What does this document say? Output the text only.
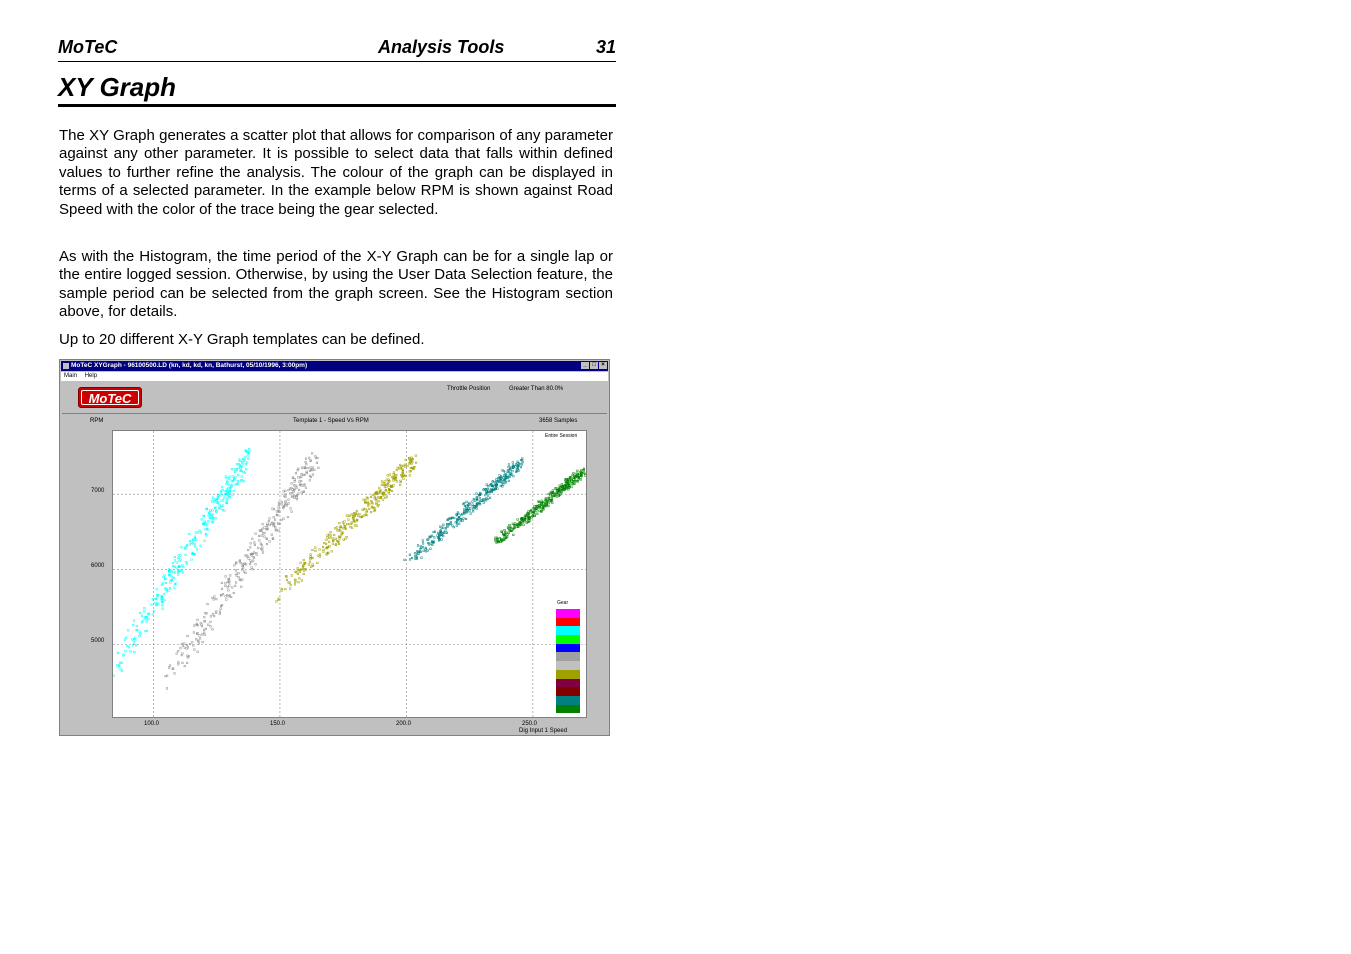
MoTeC	Analysis Tools	31
XY Graph

The XY Graph generates a scatter plot that allows for comparison of any parameter against any other parameter. It is possible to select data that falls within defined values to further refine the analysis. The colour of the graph can be displayed in terms of a selected parameter. In the example below RPM is shown against Road Speed with the color of the trace being the gear selected.

As with the Histogram, the time period of the X-Y Graph can be for a single lap or the entire logged session. Otherwise, by using the User Data Selection feature, the sample period can be selected from the graph screen. See the Histogram section above, for details.

Up to 20 different X-Y Graph templates can be defined.

MoTeC XYGraph - 96100500.LD (kn, kd, kd, kn, Bathurst, 05/10/1996, 3:00pm)	_ □ ×
Main Help
MoTeC
Throttle Position	Greater Than 80.0%
RPM	Template 1 - Speed Vs RPM	3658 Samples
7000
6000
5000
Entire Session
Gear
100.0	150.0	200.0	250.0
Dig Input 1 Speed
